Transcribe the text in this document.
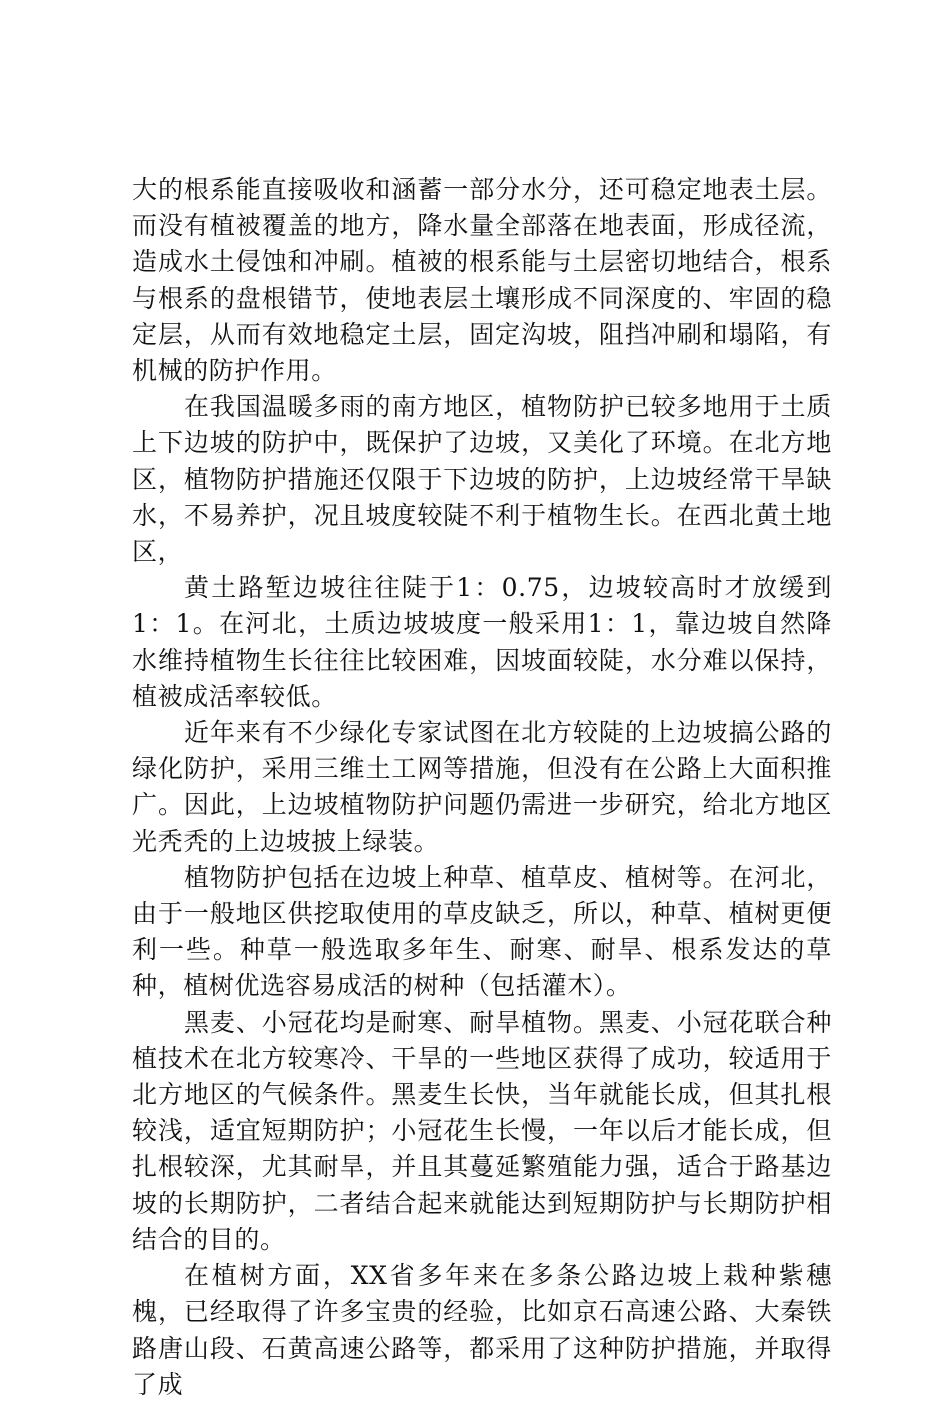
大的根系能直接吸收和涵蓄一部分水分，还可稳定地表土层。而没有植被覆盖的地方，降水量全部落在地表面，形成径流，造成水土侵蚀和冲刷。植被的根系能与土层密切地结合，根系与根系的盘根错节，使地表层土壤形成不同深度的、牢固的稳定层，从而有效地稳定土层，固定沟坡，阻挡冲刷和塌陷，有机械的防护作用。

在我国温暖多雨的南方地区，植物防护已较多地用于土质上下边坡的防护中，既保护了边坡，又美化了环境。在北方地区，植物防护措施还仅限于下边坡的防护，上边坡经常干旱缺水，不易养护，况且坡度较陡不利于植物生长。在西北黄土地区，

黄土路堑边坡往往陡于1：0.75，边坡较高时才放缓到1：1。在河北，土质边坡坡度一般采用1：1，靠边坡自然降水维持植物生长往往比较困难，因坡面较陡，水分难以保持，植被成活率较低。

近年来有不少绿化专家试图在北方较陡的上边坡搞公路的绿化防护，采用三维土工网等措施，但没有在公路上大面积推广。因此，上边坡植物防护问题仍需进一步研究，给北方地区光秃秃的上边坡披上绿装。

植物防护包括在边坡上种草、植草皮、植树等。在河北，由于一般地区供挖取使用的草皮缺乏，所以，种草、植树更便利一些。种草一般选取多年生、耐寒、耐旱、根系发达的草种，植树优选容易成活的树种（包括灌木）。

黑麦、小冠花均是耐寒、耐旱植物。黑麦、小冠花联合种植技术在北方较寒冷、干旱的一些地区获得了成功，较适用于北方地区的气候条件。黑麦生长快，当年就能长成，但其扎根较浅，适宜短期防护；小冠花生长慢，一年以后才能长成，但扎根较深，尤其耐旱，并且其蔓延繁殖能力强，适合于路基边坡的长期防护，二者结合起来就能达到短期防护与长期防护相结合的目的。

在植树方面，XX省多年来在多条公路边坡上栽种紫穗槐，已经取得了许多宝贵的经验，比如京石高速公路、大秦铁路唐山段、石黄高速公路等，都采用了这种防护措施，并取得了成
